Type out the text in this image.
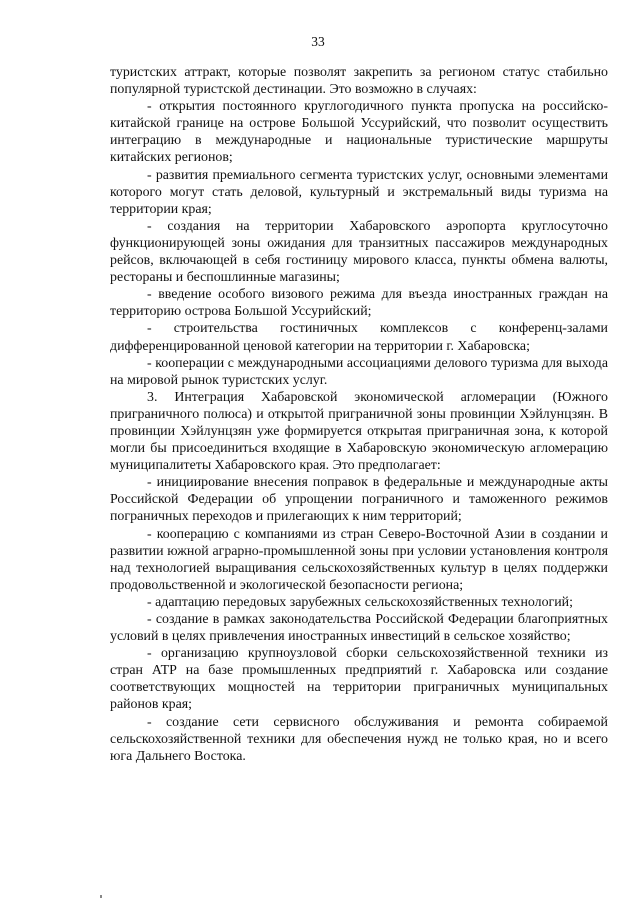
33

туристских аттракт, которые позволят закрепить за регионом статус стабильно популярной туристской дестинации. Это возможно в случаях:

- открытия постоянного круглогодичного пункта пропуска на российско-китайской границе на острове Большой Уссурийский, что позволит осуществить интеграцию в международные и национальные туристические маршруты китайских регионов;

- развития премиального сегмента туристских услуг, основными элементами которого могут стать деловой, культурный и экстремальный виды туризма на территории края;

- создания на территории Хабаровского аэропорта круглосуточно функционирующей зоны ожидания для транзитных пассажиров международных рейсов, включающей в себя гостиницу мирового класса, пункты обмена валюты, рестораны и беспошлинные магазины;

- введение особого визового режима для въезда иностранных граждан на территорию острова Большой Уссурийский;

- строительства гостиничных комплексов с конференц-залами дифференцированной ценовой категории на территории г. Хабаровска;

- кооперации с международными ассоциациями делового туризма для выхода на мировой рынок туристских услуг.

3. Интеграция Хабаровской экономической агломерации (Южного приграничного полюса) и открытой приграничной зоны провинции Хэйлунцзян. В провинции Хэйлунцзян уже формируется открытая приграничная зона, к которой могли бы присоединиться входящие в Хабаровскую экономическую агломерацию муниципалитеты Хабаровского края. Это предполагает:

- инициирование внесения поправок в федеральные и международные акты Российской Федерации об упрощении пограничного и таможенного режимов пограничных переходов и прилегающих к ним территорий;

- кооперацию с компаниями из стран Северо-Восточной Азии в создании и развитии южной аграрно-промышленной зоны при условии установления контроля над технологией выращивания сельскохозяйственных культур в целях поддержки продовольственной и экологической безопасности региона;

- адаптацию передовых зарубежных сельскохозяйственных технологий;

- создание в рамках законодательства Российской Федерации благоприятных условий в целях привлечения иностранных инвестиций в сельское хозяйство;

- организацию крупноузловой сборки сельскохозяйственной техники из стран АТР на базе промышленных предприятий г. Хабаровска или создание соответствующих мощностей на территории приграничных муниципальных районов края;

- создание сети сервисного обслуживания и ремонта собираемой сельскохозяйственной техники для обеспечения нужд не только края, но и всего юга Дальнего Востока.
